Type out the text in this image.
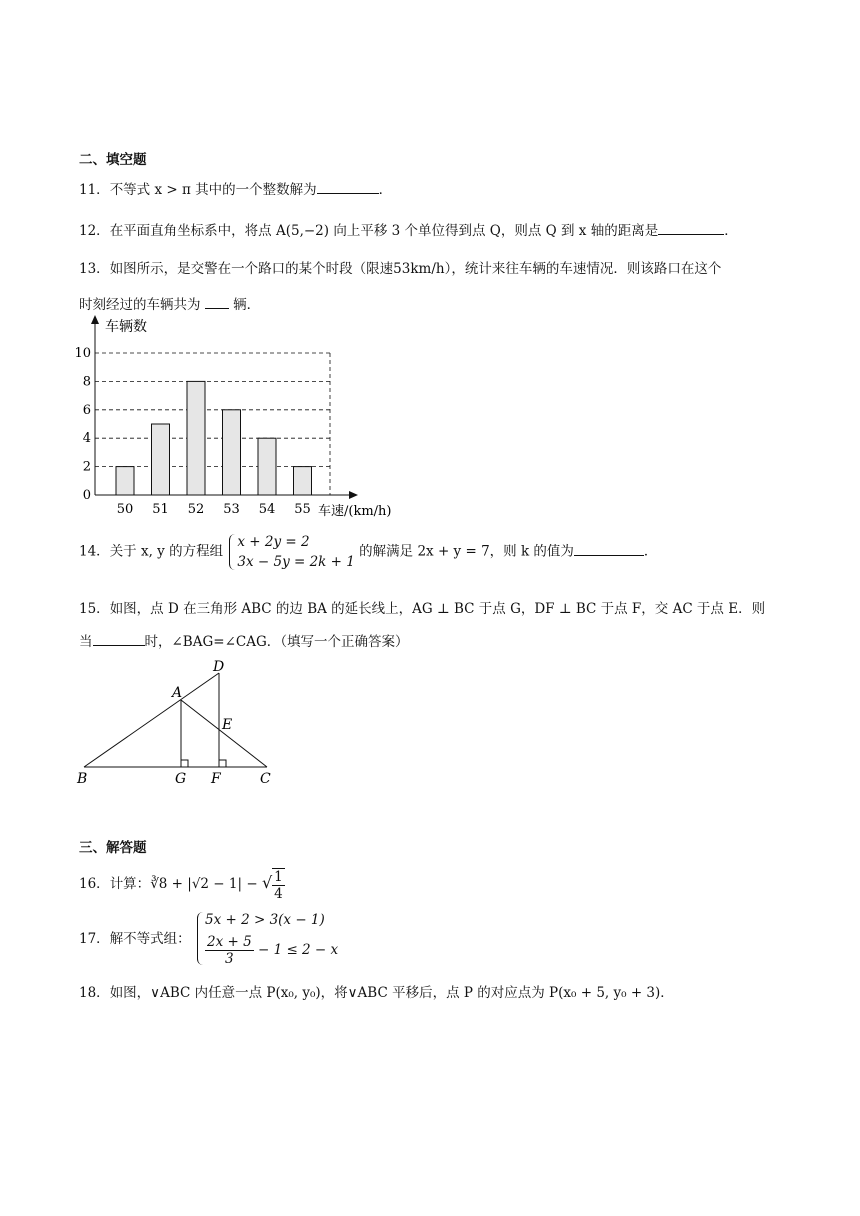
二、填空题
11．不等式 x > π 其中的一个整数解为	．
12．在平面直角坐标系中，将点 A(5,−2) 向上平移 3 个单位得到点 Q，则点 Q 到 x 轴的距离是	．
13．如图所示，是交警在一个路口的某个时段（限速53km/h），统计来往车辆的车速情况．则该路口在这个
时刻经过的车辆共为 辆．
0
2
4
6
8
10
50 51 52 53 54 55
车辆数
车速/(km/h)
14．关于 x, y 的方程组
x + 2y = 2
3x − 5y = 2k + 1
的解满足 2x + y = 7，则 k 的值为	．
15．如图，点 D 在三角形 ABC 的边 BA 的延长线上，AG ⊥ BC 于点 G，DF ⊥ BC 于点 F，交 AC 于点 E．则
当	时，∠BAG=∠CAG．（填写一个正确答案）
A
B	C
D
E
F
G
三、解答题
16．计算：∛8 + |√2 − 1| − √ $\frac{1}{4}$
17．解不等式组：
5x + 2 > 3(x − 1)
$\frac{2x + 5}{3} - 1 \le 2 - x$
18．如图，∨ABC 内任意一点 P(x₀, y₀)，将∨ABC 平移后，点 P 的对应点为 P(x₀ + 5, y₀ + 3)．
